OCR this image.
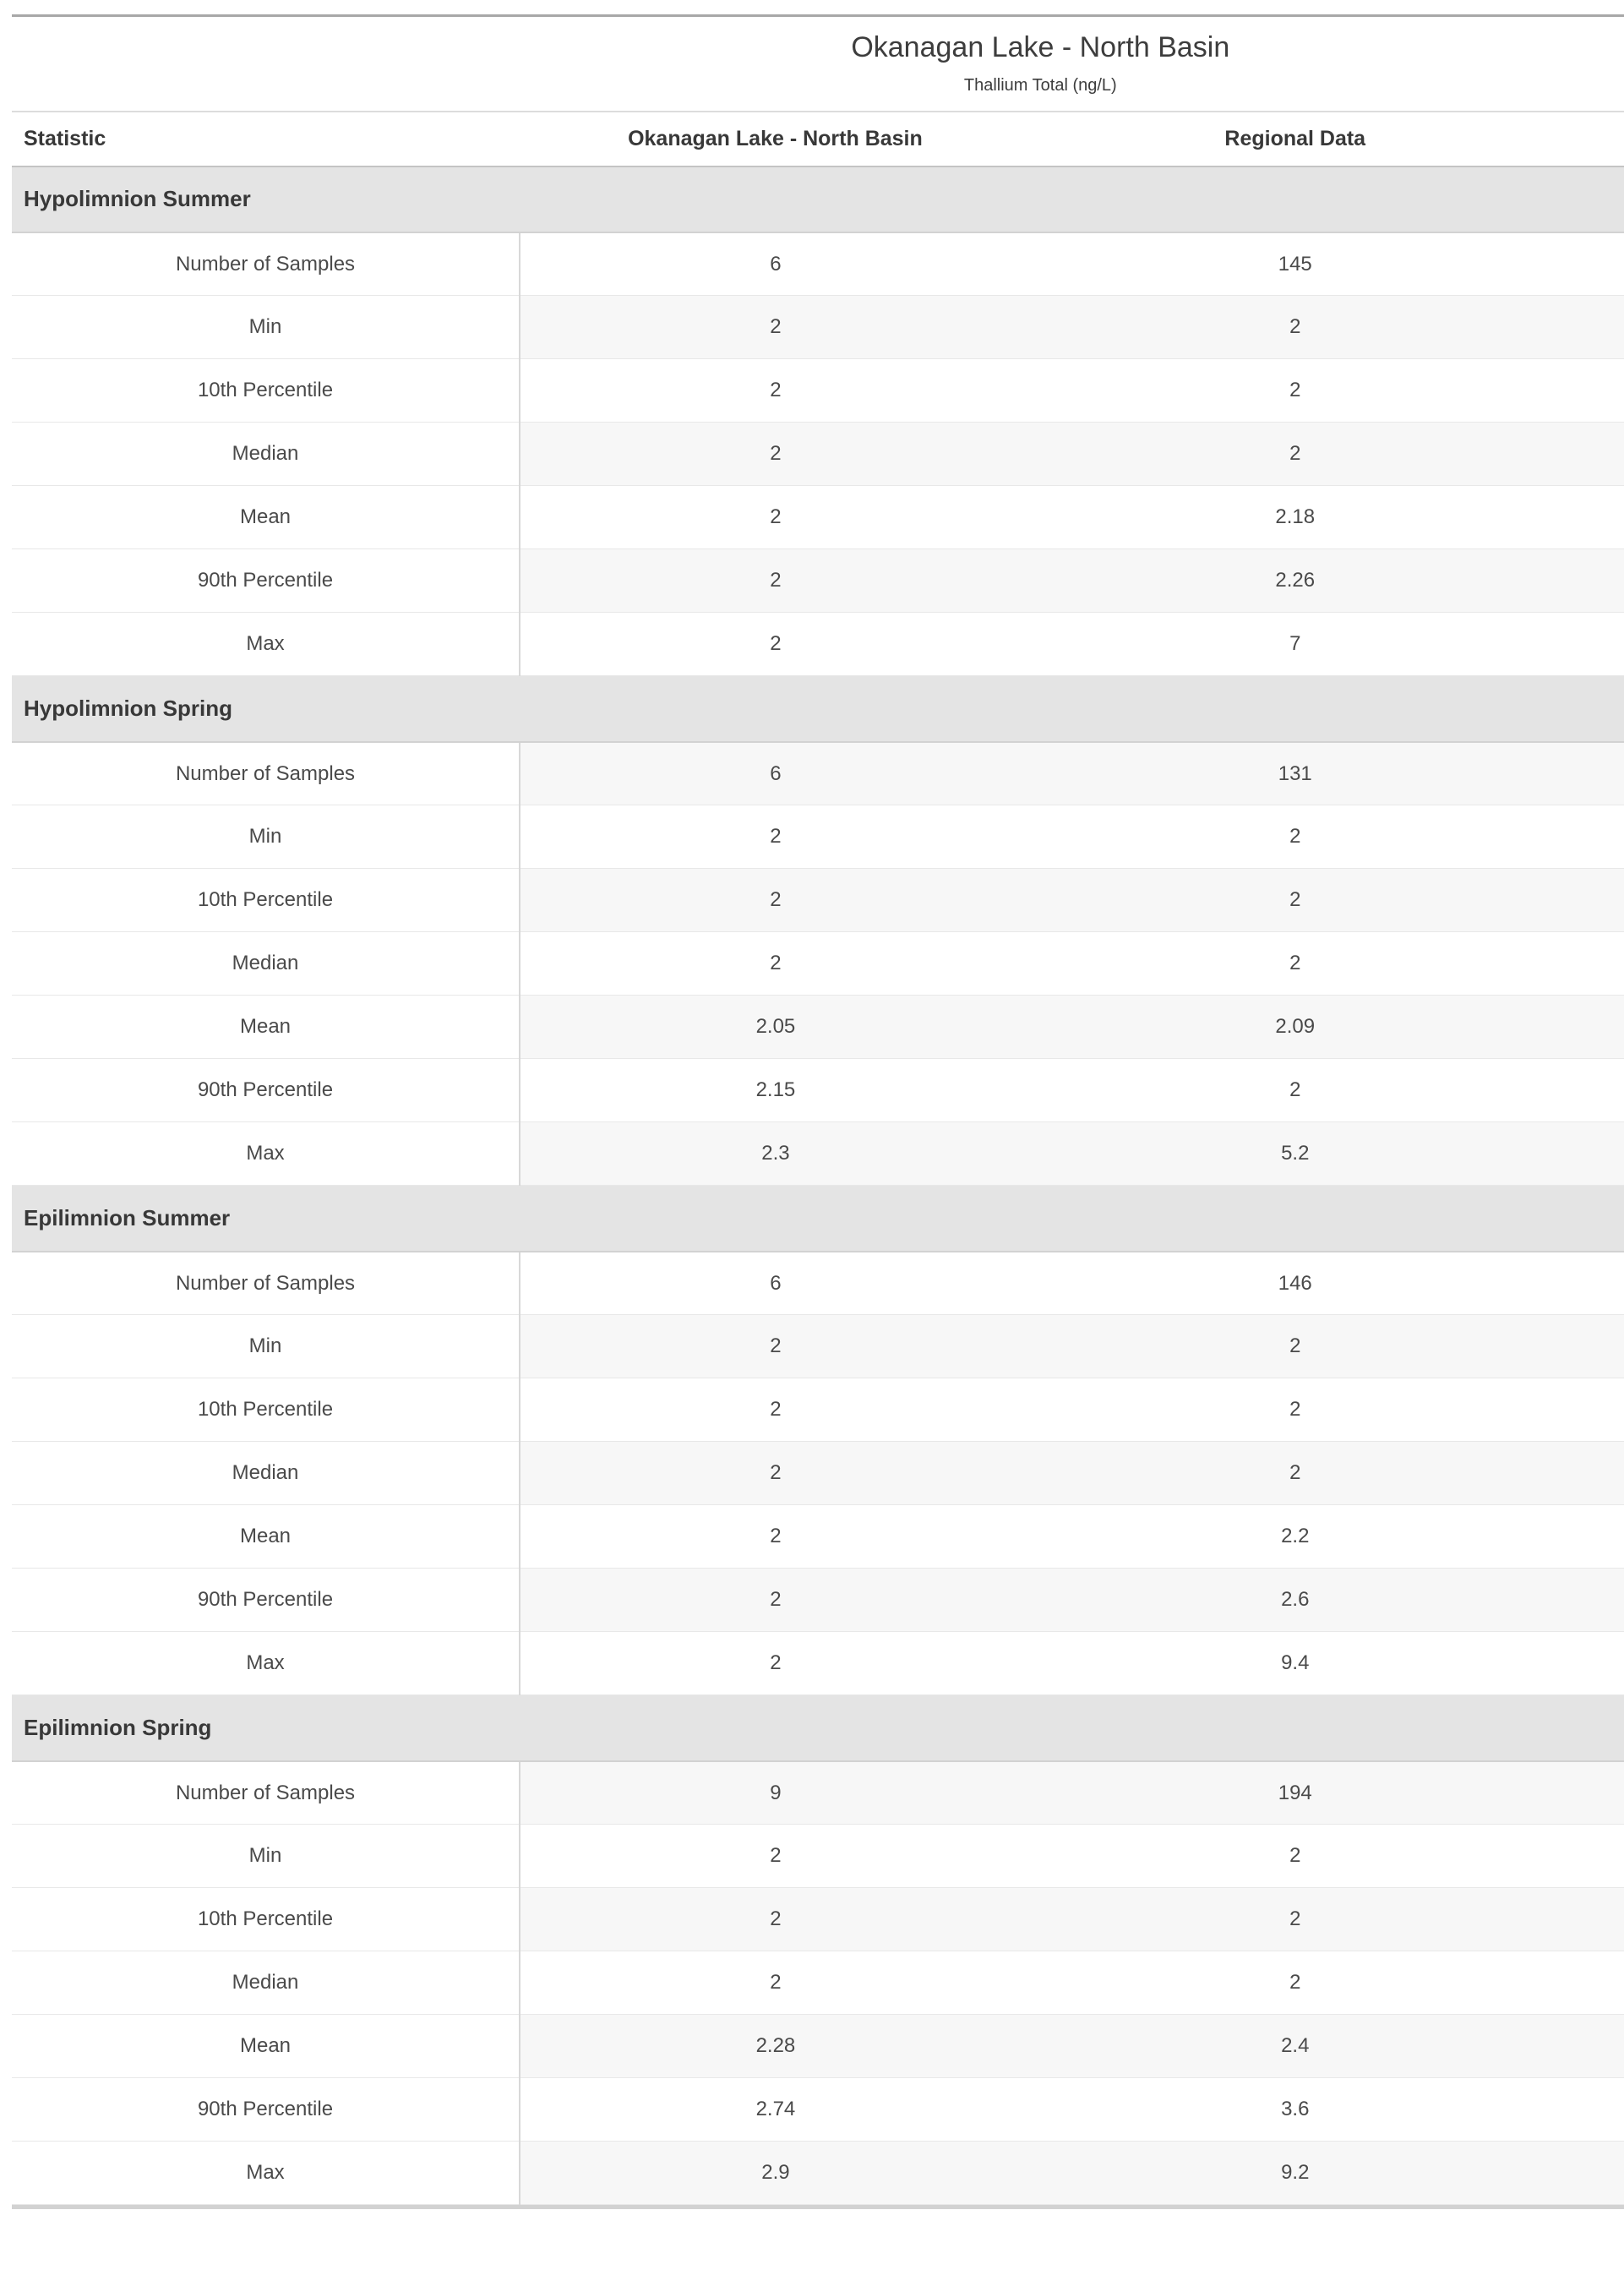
Okanagan Lake - North Basin
Thallium Total (ng/L)
Statistic	Okanagan Lake - North Basin	Regional Data	
Hypolimnion Summer			
Number of Samples	6	145	
Min	2	2	
10th Percentile	2	2	
Median	2	2	
Mean	2	2.18	
90th Percentile	2	2.26	
Max	2	7	
Hypolimnion Spring			
Number of Samples	6	131	
Min	2	2	
10th Percentile	2	2	
Median	2	2	
Mean	2.05	2.09	
90th Percentile	2.15	2	
Max	2.3	5.2	
Epilimnion Summer			
Number of Samples	6	146	
Min	2	2	
10th Percentile	2	2	
Median	2	2	
Mean	2	2.2	
90th Percentile	2	2.6	
Max	2	9.4	
Epilimnion Spring			
Number of Samples	9	194	
Min	2	2	
10th Percentile	2	2	
Median	2	2	
Mean	2.28	2.4	
90th Percentile	2.74	3.6	
Max	2.9	9.2	
